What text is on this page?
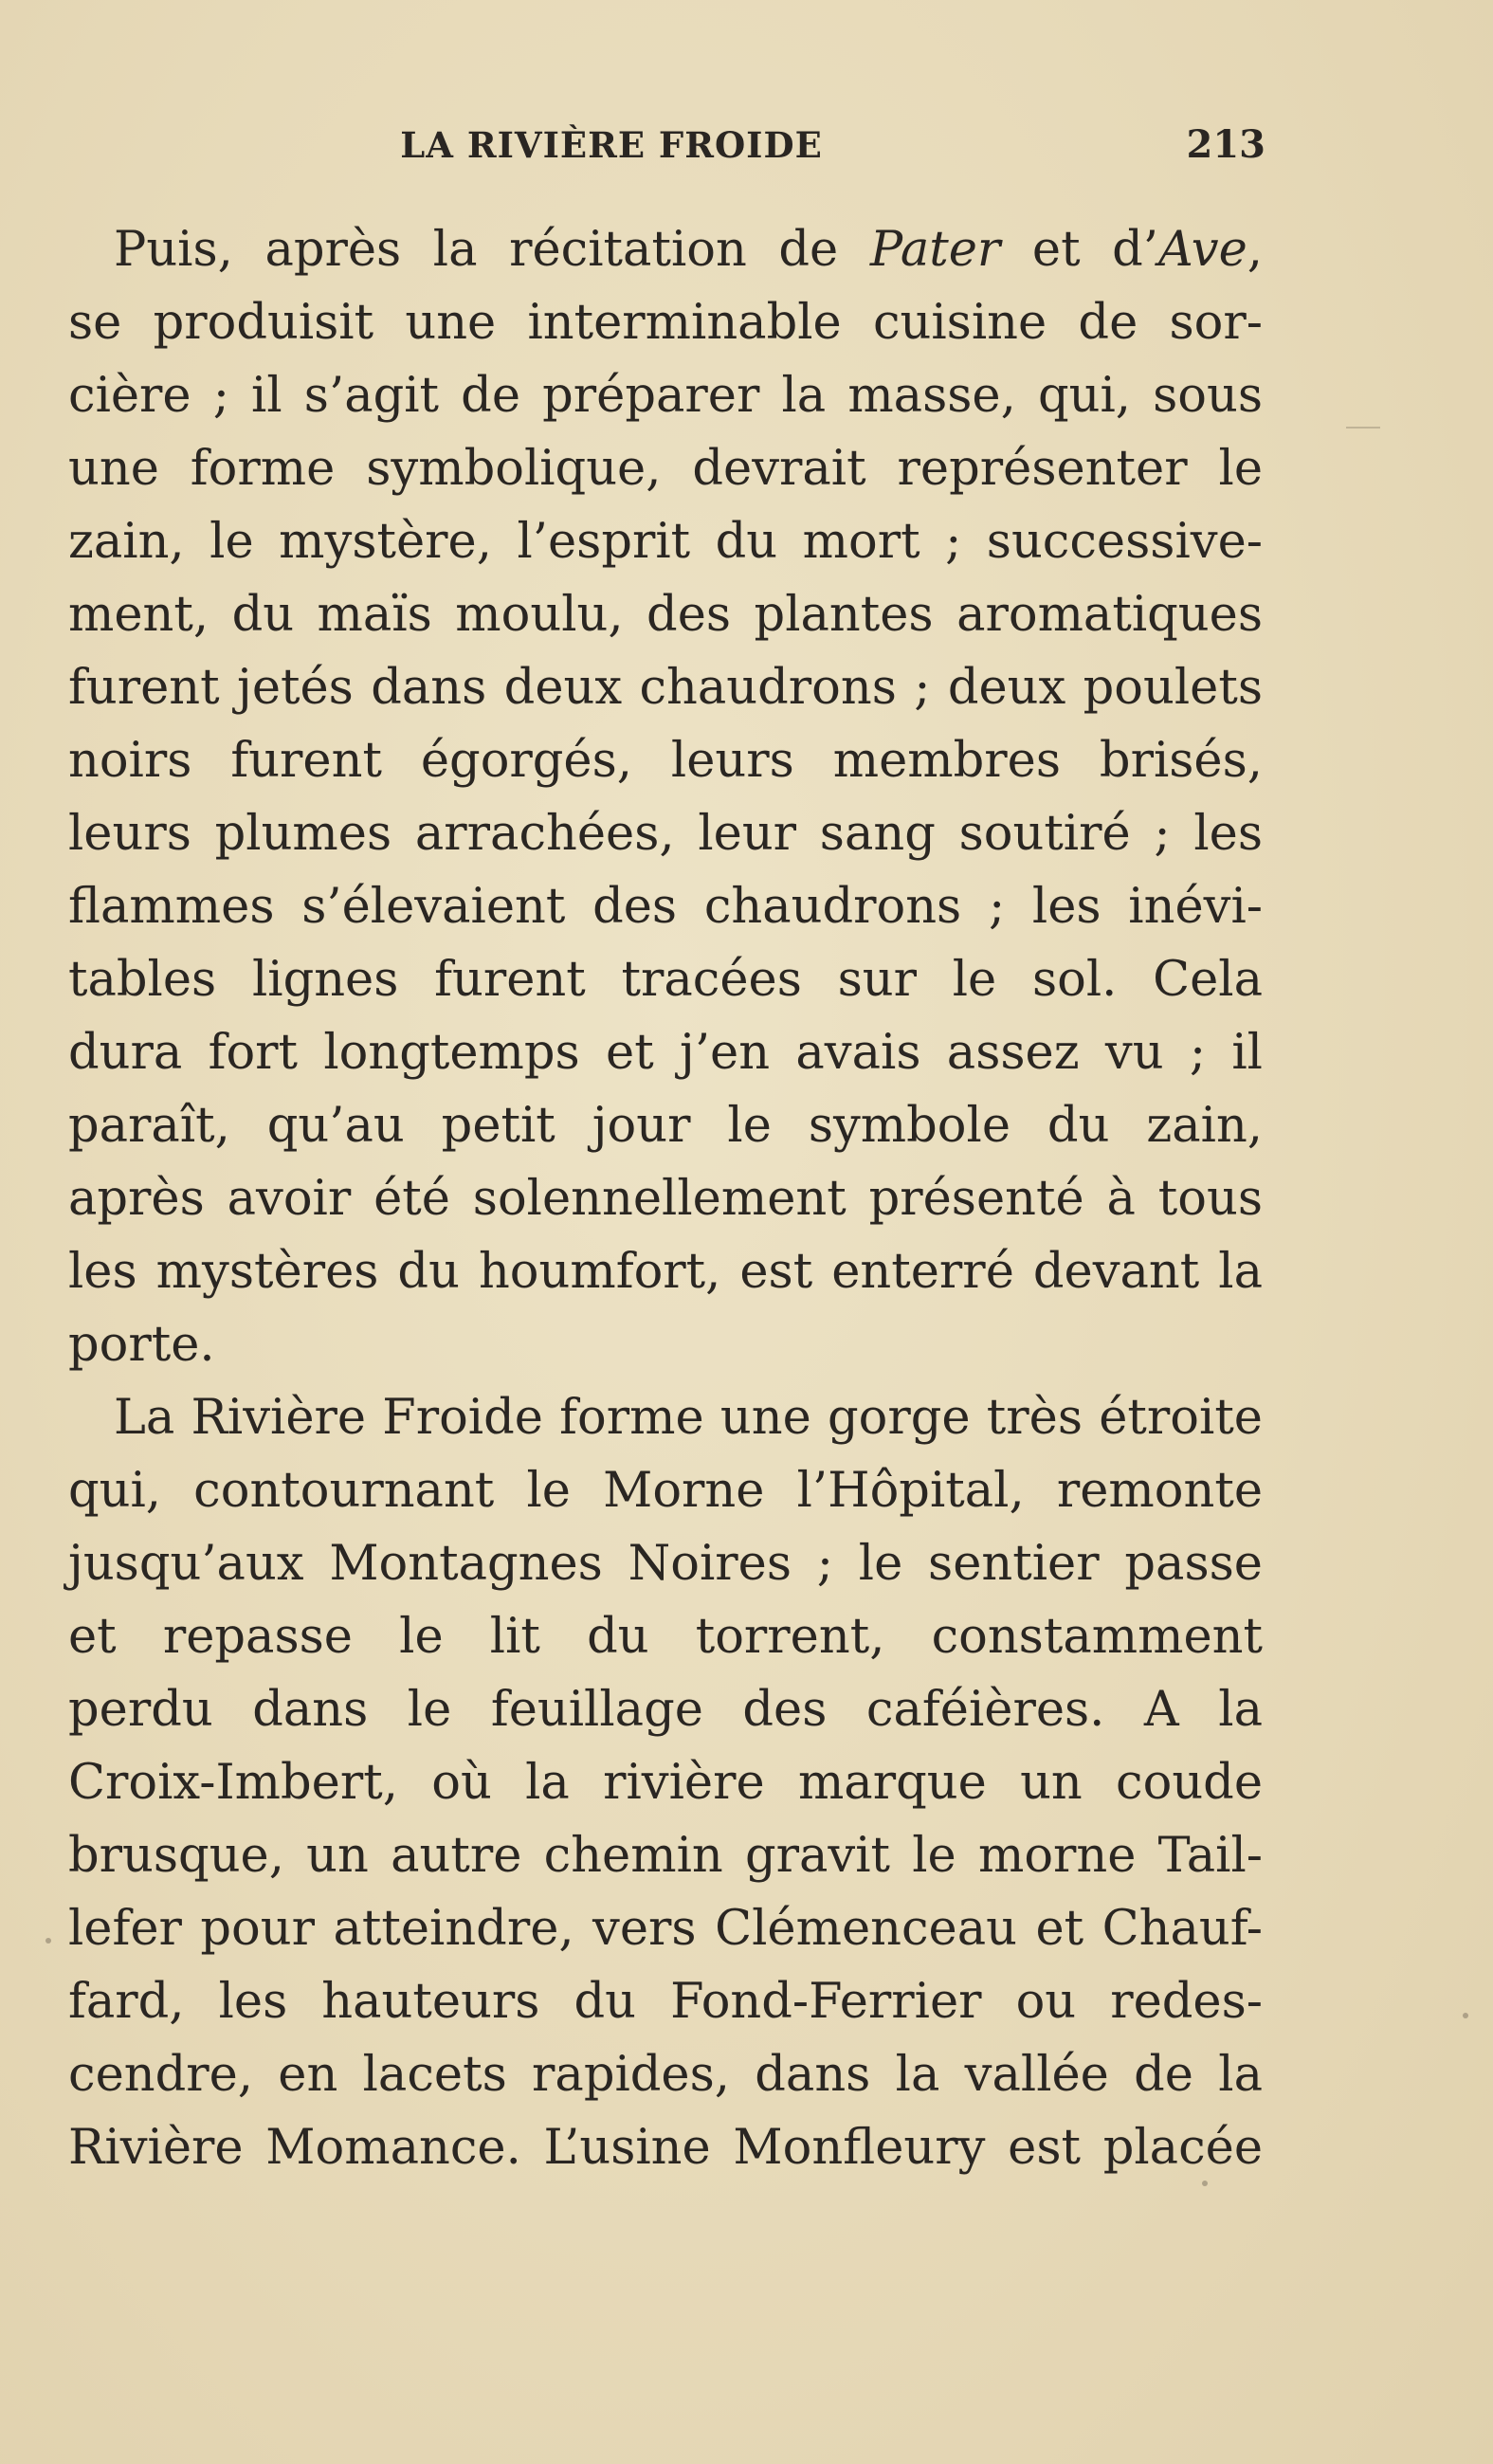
LA RIVIÈRE FROIDE	213
Puis, après la récitation de Pater et d’Ave,
se produisit une interminable cuisine de sor-
cière ; il s’agit de préparer la masse, qui, sous
une forme symbolique, devrait représenter le
zain, le mystère, l’esprit du mort ; successive-
ment, du maïs moulu, des plantes aromatiques
furent jetés dans deux chaudrons ; deux poulets
noirs furent égorgés, leurs membres brisés,
leurs plumes arrachées, leur sang soutiré ; les
flammes s’élevaient des chaudrons ; les inévi-
tables lignes furent tracées sur le sol. Cela
dura fort longtemps et j’en avais assez vu ; il
paraît, qu’au petit jour le symbole du zain,
après avoir été solennellement présenté à tous
les mystères du houmfort, est enterré devant la
porte.
La Rivière Froide forme une gorge très étroite
qui, contournant le Morne l’Hôpital, remonte
jusqu’aux Montagnes Noires ; le sentier passe
et repasse le lit du torrent, constamment
perdu dans le feuillage des caféières. A la
Croix-Imbert, où la rivière marque un coude
brusque, un autre chemin gravit le morne Tail-
lefer pour atteindre, vers Clémenceau et Chauf-
fard, les hauteurs du Fond-Ferrier ou redes-
cendre, en lacets rapides, dans la vallée de la
Rivière Momance. L’usine Monfleury est placée
